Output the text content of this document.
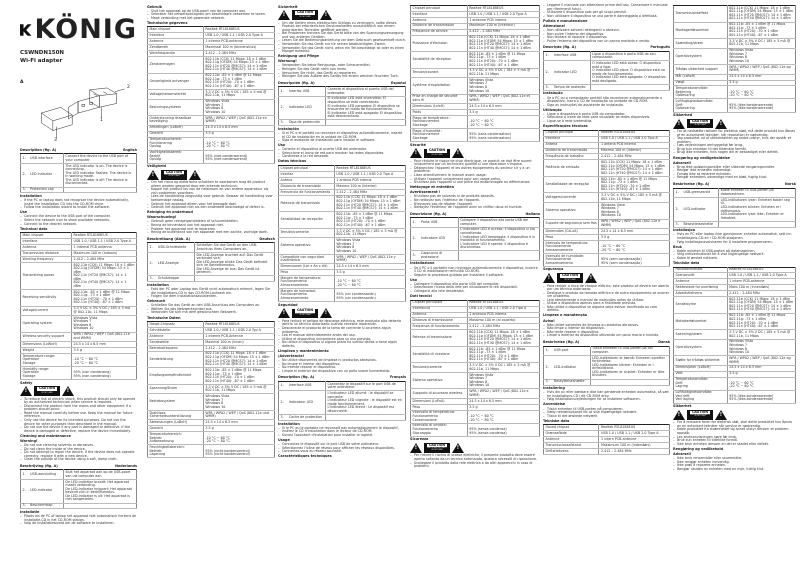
KÖNIG
CSWNDN150N
Wi-Fi adapter
A
1
2
3
Description (fig. A)	English
1.	USB interface	Connect the device to the USB port of your computer.
2.	LED indicator	The LED indicator is on: The device is connecting.
The LED indicator flashes: The device is in working mode.
The LED indicator is off: The device is disconnected.
3.	Protection cap	
Installation
– If the PC or laptop does not recognize the device automatically, insert the installation CD into the CD-ROM drive.
– Follow the installation wizard to install the software.
Use
– Connect the device to the USB port of the computer.
– Select the network icon to show available networks.
– Connect to the desired network.
Technical data
Main chipset	Realtek RTL8188EUS
Interface	USB 1.0 / USB 1.1 / USB 2.0 Type A
Antenna	1 internal PCB antenna
Transmission distance	Maximum 100 m (indoors)
Working frequency	2.412 – 2.484 MHz
Transmitting power	802.11b (CCK) 11 Mbps: 18 ± 1 dBm
802.11g (OFDM) 54 Mbps: 15 ± 1 dBm
802.11n (HT20 @MCS7): 14 ± 1 dBm
802.11n (HT40 @MCS7): 14 ± 1 dBm
Receiving sensitivity	802.11b: -85 ± 1 dBm @ 11 Mbps
802.11g: -73 ± 1 dBm
802.11n (HT20): -70 ± 1 dBm
802.11n (HT40): -67 ± 1 dBm
Voltage/current	3.3 V DC ± 5% V DC / 185 ± 5 mA @ 802.11b, 11 Mbps
Operating system	Windows Vista
Windows 7
Windows 8
Windows 10
Wireless security support	WPA / WPA2 / WEP / QoS (802.11e and WMM)
Dimensions (LxWxH)	24.5 x 14 x 6.5 mm
Weight	3.5 g
Temperature range:
Operation
Storage	
-10 °C ~ 60 °C
-20 °C ~ 80 °C
Humidity range:
Operation
Storage	
95% (non condensing)
95% (non condensing)
Safety
!	CAUTION
RISK OF ELECTRIC SHOCK
DO NOT OPEN	!
– To reduce risk of electric shock, this product should only be opened by an authorized technician when service is required.
– Disconnect the product from the mains and other equipment if a problem should occur.
– Read the manual carefully before use. Keep the manual for future reference.
– Only use the device for its intended purposes. Do not use the device for other purposes than described in the manual.
– Do not use the device if any part is damaged or defective. If the device is damaged or defective, replace the device immediately.
Cleaning and maintenance
Warning!
– Do not use cleaning solvents or abrasives.
– Do not clean the inside of the device.
– Do not attempt to repair the device. If the device does not operate correctly, replace it with a new device.
– Clean the outside of the device using a soft, damp cloth.
Beschrijving (fig. A)	Nederlands
1.	USB-aansluiting	Sluit het apparaat aan op de USB-poort van uw computer aan.
2.	LED-indicator	De LED-indicator brandt: Het apparaat maakt verbinding.
De LED-indicator knippert: Het apparaat bevindt zich in bedrijfsmodus.
De LED-indicator is uit: Het apparaat is niet aangesloten.
3.	Beschermkap	
Installatie
– Plaats als de PC of laptop het apparaat niet automatisch herkent de installatie-CD in het CD-ROM station.
– Volg de installatiewizard om de software te installeren.
Gebruik
– Sluit het apparaat op de USB-poort van de computer aan.
– Selecteer het netwerkpictogram om beschikbare netwerken te tonen.
– Maak verbinding met het gewenste netwerk.
Technische gegevens
Main chipset	Realtek RTL8188EUS
Interface	USB 1.0 / USB 1.1 / USB 2.0 Type A
Antenne	1 interne PCB-antenne
Zendbereik	Maximaal 100 m (binnenshuis)
Werkfrequentie	2.412 – 2.484 MHz
Zendvermogen	802.11b (CCK) 11 Mbps: 18 ± 1 dBm
802.11g (OFDM) 54 Mbps: 15 ± 1 dBm
802.11n (HT20 @MCS7): 14 ± 1 dBm
802.11n (HT40 @MCS7): 14 ± 1 dBm
Gevoeligheid ontvanger	802.11b: -85 ± 1 dBm @ 11 Mbps
802.11g: -73 ± 1 dBm
802.11n (HT20): -70 ± 1 dBm
802.11n (HT40): -67 ± 1 dBm
Voltage/stroomsterkte	3.3 V DC ± 5% V DC / 185 ± 5 mA @ 802.11b, 11 Mbps
Besturingssysteem	Windows Vista
Windows 7
Windows 8
Windows 10
Ondersteuning draadloze beveiliging	WPA / WPA2 / WEP / QoS (802.11e en WMM)
Afmetingen (LxBxH)	24.5 x 14 x 6.5 mm
Gewicht	3.5 g
Temperatuurbereik:
Functionering
Opslag	
-10 °C ~ 60 °C
-20 °C ~ 80 °C
Vochtigheidsbereik:
Bedrijf
Opslag	
95% (niet condenserend)
95% (niet condenserend)
Veiligheid
!	CAUTION
RISK OF ELECTRIC SHOCK
DO NOT OPEN	!
– Om het risico op elektrische schokken te voorkomen mag dit product alleen worden geopend door een erkende technicus.
– Koppel het product los van de netstroom en van andere apparatuur als zich problemen voordoen.
– Lees de handleiding zorgvuldig voor gebruik. Bewaar de handleiding voor toekomstige naslag.
– Gebruik het apparaat alleen voor het beoogde doel.
– Gebruik het apparaat niet als een onderdeel beschadigd of defect is.
Reiniging en onderhoud
Waarschuwing!
– Gebruik geen reinigingsmiddelen of schuurmiddelen.
– Reinig de binnenkant van het apparaat niet.
– Probeer het apparaat niet te repareren.
– Reinig de buitenkant van het apparaat met een zachte, vochtige doek.
Beschreibung (Abb. A)	Deutsch
1.	USB-Schnittstelle	Schließen Sie das Gerät an den USB-Anschluss Ihres Computers an.
2.	LED-Anzeige	Die LED-Anzeige leuchtet auf: Das Gerät verbindet sich.
Die LED-Anzeige blinkt: Das Gerät befindet sich im Betriebsmodus.
Die LED-Anzeige ist aus: Das Gerät ist getrennt.
3.	Schutzkappe	
Installation
– Falls der PC oder Laptop das Gerät nicht automatisch erkennt, legen Sie die Installations-CD in das CD-ROM-Laufwerk ein.
– Folgen Sie dem Installationsassistenten.
Gebrauch
– Schließen Sie das Gerät an den USB-Anschluss des Computers an.
– Wählen Sie das Netzwerksymbol aus.
– Verbinden Sie sich mit dem gewünschten Netzwerk.
Technische Daten
Haupt-Chipsatz	Realtek RTL8188EUS
Schnittstelle	USB 1.0 / USB 1.1 / USB 2.0 Typ A
Antenne	1 interne PCB-Antenne
Sendeweite	Maximal 100 m (innen)
Betriebsfrequenz	2.412 – 2.484 MHz
Sendeleistung	802.11b (CCK) 11 Mbps: 18 ± 1 dBm
802.11g (OFDM) 54 Mbps: 15 ± 1 dBm
802.11n (HT20 @MCS7): 14 ± 1 dBm
802.11n (HT40 @MCS7): 14 ± 1 dBm
Empfangsempfindlichkeit	802.11b: -85 ± 1 dBm @ 11 Mbps
802.11g: -73 ± 1 dBm
802.11n (HT20): -70 ± 1 dBm
802.11n (HT40): -67 ± 1 dBm
Spannung/Strom	3.3 V DC ± 5% V DC / 185 ± 5 mA @ 802.11b, 11 Mbps
Betriebssystem	Windows Vista
Windows 7
Windows 8
Windows 10
Drahtlose Sicherheitsunterstützung	WPA / WPA2 / WEP / QoS (802.11e und WMM)
Abmessungen (LxBxH)	24.5 x 14 x 6.5 mm
Gewicht	3.5 g
Temperaturbereich:
Betrieb
Aufbewahrung	
-10 °C ~ 60 °C
-20 °C ~ 80 °C
Feuchtigkeitsbereich:
Betrieb
Lagerung	
95% (nicht kondensierend)
95% (nicht kondensierend)
Sicherheit
!	CAUTION
RISK OF ELECTRIC SHOCK
DO NOT OPEN	!
– Um die Gefahr eines elektrischen Schlags zu verringern, sollte dieses Produkt bei erforderlichen Servicearbeiten ausschließlich von einem autorisierten Techniker geöffnet werden.
– Bei Problemen trennen Sie das Gerät bitte von der Spannungsversorgung und von anderen Geräten.
– Lesen Sie die Bedienungsanleitung vor dem Gebrauch gewissenhaft durch.
– Verwenden Sie das Gerät nur für seinen beabsichtigten Zweck.
– Verwenden Sie das Gerät nicht, wenn ein Teil beschädigt ist oder es einen Mangel aufweist.
Reinigung und Pflege
Warnung!
– Verwenden Sie keine Reinigungs- oder Scheuermittel.
– Reinigen Sie das Gerät nicht von innen.
– Versuchen Sie nicht, das Gerät zu reparieren.
– Reinigen Sie das Äußere des Geräts mit einem weichen feuchten Tuch.
Descripción (fig. A)	Español
1.	Interfaz USB	Conecte el dispositivo al puerto USB del ordenador.
2.	Indicador LED	El indicador LED está encendido: El dispositivo se está conectando.
El indicador LED parpadea: El dispositivo se encuentra en modo de funcionamiento.
El indicador LED está apagado: El dispositivo está desconectado.
3.	Tapa de protección	
Instalación
– Si el PC o el portátil no reconoce el dispositivo automáticamente, inserte el CD de instalación en la unidad de CD-ROM.
– Siga el asistente de instalación para instalar el software.
Uso
– Conecte el dispositivo al puerto USB del ordenador.
– Seleccione el icono de red para mostrar las redes disponibles.
– Conéctese a la red deseada.
Datos técnicos
Chipset principal	Realtek RTL8188EUS
Interfaz	USB 1.0 / USB 1.1 / USB 2.0 Tipo A
Antena	1 antena PCB interna
Distancia de transmisión	Máximo 100 m (interior)
Frecuencia de funcionamiento	2.412 – 2.484 MHz
Potencia de transmisión	802.11b (CCK) 11 Mbps: 18 ± 1 dBm
802.11g (OFDM) 54 Mbps: 15 ± 1 dBm
802.11n (HT20 @MCS7): 14 ± 1 dBm
802.11n (HT40 @MCS7): 14 ± 1 dBm
Sensibilidad de recepción	802.11b: -85 ± 1 dBm @ 11 Mbps
802.11g: -73 ± 1 dBm
802.11n (HT20): -70 ± 1 dBm
802.11n (HT40): -67 ± 1 dBm
Tensión/corriente	3.3 V DC ± 5% V DC / 185 ± 5 mA @ 802.11b, 11 Mbps
Sistema operativo	Windows Vista
Windows 7
Windows 8
Windows 10
Compatible con seguridad inalámbrica	WPA / WPA2 / WEP / QoS (802.11e y WMM)
Dimensiones (Lar x An x Alt)	24.5 x 14 x 6.5 mm
Peso	3.5 g
Margen de temperatura:
Funcionamiento
Almacenamiento	
-10 °C ~ 60 °C
-20 °C ~ 80 °C
Margen de humedad:
Funcionamiento
Almacenamiento	
95% (sin condensación)
95% (sin condensación)
Seguridad
!	CAUTION
RISK OF ELECTRIC SHOCK
DO NOT OPEN	!
– Para reducir el peligro de descarga eléctrica, este producto sólo debería abrirlo un técnico autorizado cuando necesite reparación.
– Desconecte el producto de la toma de corriente si ocurriera algún problema.
– Lea el manual detenidamente antes del uso.
– Utilice el dispositivo únicamente para su uso previsto.
– No utilice el dispositivo si alguna pieza ha sufrido daños o tiene algún defecto.
Limpieza y mantenimiento
¡Advertencia!
– No utilice disolventes de limpieza ni productos abrasivos.
– No limpie el interior del dispositivo.
– No intente reparar el dispositivo.
– Limpie el exterior del dispositivo con un paño suave humedecido.
Description (fig. A)	Français
1.	Interface USB	Connectez le dispositif sur le port USB de votre ordinateur.
2.	Indicateur LED	L'indicateur LED allumé : le dispositif se connecte.
L'indicateur LED clignote : le dispositif est en mode fonctionnement.
L'indicateur LED éteint : Le dispositif est déconnecté.
3.	Cache de protection	
Installation
– Si le PC ou le portable ne reconnaît pas automatiquement le dispositif, insérez le CD d'installation dans le lecteur de CD-ROM.
– Suivez l'assistant d'installation pour installer le logiciel.
Usage
– Connectez le dispositif sur le port USB de votre ordinateur.
– Sélectionnez l'icône de réseau pour afficher les réseaux disponibles.
– Connectez-vous au réseau souhaité.
Caractéristiques techniques
Chipset principal	Realtek RTL8188EUS
Interface	USB 1.0 / USB 1.1 / USB 2.0 Type A
Antenne	1 antenne PCB interne
Distance de transmission	Maximum 100 m (intérieur)
Fréquence de service	2.412 – 2.484 MHz
Puissance d'émission	802.11b (CCK) 11 Mbps: 18 ± 1 dBm
802.11g (OFDM) 54 Mbps: 15 ± 1 dBm
802.11n (HT20 @MCS7): 14 ± 1 dBm
802.11n (HT40 @MCS7): 14 ± 1 dBm
Sensibilité de réception	802.11b: -85 ± 1 dBm @ 11 Mbps
802.11g: -73 ± 1 dBm
802.11n (HT20): -70 ± 1 dBm
802.11n (HT40): -67 ± 1 dBm
Tension/courant	3.3 V DC ± 5% V DC / 185 ± 5 mA @ 802.11b, 11 Mbps
Système d'exploitation	Windows Vista
Windows 7
Windows 8
Windows 10
Prise en charge de sécurité sans fil	WPA / WPA2 / WEP / QoS (802.11e et WMM)
Dimensions (LxlxH)	24.5 x 14 x 6.5 mm
Poids	3.5 g
Plage de température :
Fonctionnement
Stockage	
-10 °C ~ 60 °C
-20 °C ~ 80 °C
Plage d'humidité :
Fonctionnement
Stockage	
95% (sans condensation)
95% (sans condensation)
Sécurité
!	CAUTION
RISK OF ELECTRIC SHOCK
DO NOT OPEN	!
– Pour réduire le risque de choc électrique, ce produit ne doit être ouvert uniquement par un technicien qualifié si une réparation s'impose.
– Débranchez l'appareil et les autres équipements du secteur s'il y a un problème.
– Lisez attentivement le manuel avant usage.
– Utilisez l'appareil uniquement pour son usage prévu.
– N'utilisez pas l'appareil si une pièce est endommagée ou défectueuse.
Nettoyage et entretien
Avertissement !
– N'utilisez pas de solvants ni de produits abrasifs.
– Ne nettoyez pas l'intérieur de l'appareil.
– N'essayez pas de réparer l'appareil.
– Nettoyez l'extérieur de l'appareil avec un chiffon doux et humide.
Descrizione (fig. A)	Italiano
1.	Porta USB	Collegare il dispositivo alla porta USB del computer.
2.	Indicatore LED	L'indicatore LED è acceso: il dispositivo si sta connettendo.
L'indicatore LED lampeggia: il dispositivo è in modalità di funzionamento.
L'indicatore LED è spento: il dispositivo è disconnesso.
3.	Cappuccio di protezione	
Installazione
– Se il PC o il portatile non riconosce automaticamente il dispositivo, inserire il CD di installazione nell'unità CD-ROM.
– Seguire la procedura guidata per installare il software.
Uso
– Collegare il dispositivo alla porta USB del computer.
– Selezionare l'icona della rete per visualizzare le reti disponibili.
– Collegarsi alla rete desiderata.
Dati tecnici
Chipset principale	Realtek RTL8188EUS
Interfaccia	USB 1.0 / USB 1.1 / USB 2.0 Tipo A
Antenna	1 antenna PCB interna
Distanza di trasmissione	Massimo 100 m (al coperto)
Frequenza di funzionamento	2.412 – 2.484 MHz
Potenza di trasmissione	802.11b (CCK) 11 Mbps: 18 ± 1 dBm
802.11g (OFDM) 54 Mbps: 15 ± 1 dBm
802.11n (HT20 @MCS7): 14 ± 1 dBm
802.11n (HT40 @MCS7): 14 ± 1 dBm
Sensibilità di ricezione	802.11b: -85 ± 1 dBm @ 11 Mbps
802.11g: -73 ± 1 dBm
802.11n (HT20): -70 ± 1 dBm
802.11n (HT40): -67 ± 1 dBm
Tensione/corrente	3.3 V DC ± 5% V DC / 185 ± 5 mA @ 802.11b, 11 Mbps
Sistema operativo	Windows Vista
Windows 7
Windows 8
Windows 10
Supporto di sicurezza wireless	WPA / WPA2 / WEP / QoS (802.11e e WMM)
Dimensioni (LxPxA)	24.5 x 14 x 6.5 mm
Peso	3.5 g
Intervallo di temperatura:
Funzionamento
Conservazione	
-10 °C ~ 60 °C
-20 °C ~ 80 °C
Intervallo di umidità:
Funzionamento
Stoccaggio	
95% (senza condensa)
95% (senza condensa)
Sicurezza
!	CAUTION
RISK OF ELECTRIC SHOCK
DO NOT OPEN	!
– Per ridurre il rischio di scosse elettriche, il presente prodotto deve essere aperto soltanto da un tecnico autorizzato, qualora necessiti di riparazione.
– Scollegare il prodotto dalla rete elettrica e da altri apparecchi in caso di problemi.
– Leggere il manuale con attenzione prima dell'uso. Conservare il manuale per riferimenti futuri.
– Utilizzare il dispositivo solo per gli scopi previsti.
– Non utilizzare il dispositivo se una parte è danneggiata o difettosa.
Pulizia e manutenzione
Attenzione!
– Non utilizzare solventi detergenti o abrasivi.
– Non pulire l'interno del dispositivo.
– Non tentare di riparare il dispositivo.
– Pulire l'esterno del dispositivo con un panno morbido e umido.
Descrição (fig. A)	Português
1.	Interface USB	Ligue o dispositivo à porta USB do seu computador.
2.	Indicador LED	O indicador LED está aceso: O dispositivo está a ligar.
O indicador LED pisca: O dispositivo está no modo de funcionamento.
O indicador LED está apagado: O dispositivo está desligado.
3.	Tampa de proteção	
Instalação
– Se o PC ou o computador portátil não reconhecer automaticamente o dispositivo, insira o CD de instalação na unidade de CD-ROM.
– Siga as instruções do assistente de instalação.
Utilização
– Ligue o dispositivo à porta USB do computador.
– Selecione o ícone de rede para visualizar as redes disponíveis.
– Ligue-se à rede pretendida.
Especificações técnicas
Chipset principal	Realtek RTL8188EUS
Interface	USB 1.0 / USB 1.1 / USB 2.0 Tipo A
Antena	1 antena PCB interna
Distância de transmissão	Máximo 100 m (interior)
Frequência de trabalho	2.412 – 2.484 MHz
Potência de emissão	802.11b (CCK) 11 Mbps: 18 ± 1 dBm
802.11g (OFDM) 54 Mbps: 15 ± 1 dBm
802.11n (HT20 @MCS7): 14 ± 1 dBm
802.11n (HT40 @MCS7): 14 ± 1 dBm
Sensibilidade de recepção	802.11b: -85 ± 1 dBm @ 11 Mbps
802.11g: -73 ± 1 dBm
802.11n (HT20): -70 ± 1 dBm
802.11n (HT40): -67 ± 1 dBm
Voltagem/corrente	3.3 V DC ± 5% V DC / 185 ± 5 mA @ 802.11b, 11 Mbps
Sistema operativo	Windows Vista
Windows 7
Windows 8
Windows 10
Suporte de segurança sem fios	WPA / WPA2 / WEP / QoS (802.11e e WMM)
Dimensões (CxLxA)	24.5 x 14 x 6.5 mm
Peso	3.5 g
Intervalo de temperatura:
Funcionamento
Armazenamento	
-10 °C ~ 60 °C
-20 °C ~ 80 °C
Intervalo de humidade:
Funcionamento
Armazenamento	
95% (sem condensação)
95% (sem condensação)
Segurança
!	CAUTION
RISK OF ELECTRIC SHOCK
DO NOT OPEN	!
– Para reduzir o risco de choque elétrico, este produto só deverá ser aberto por um técnico autorizado.
– Desligue o produto da tomada elétrica e de outro equipamento se ocorrer um problema.
– Leia atentamente o manual de instruções antes de utilizar.
– Utilize o dispositivo apenas para a finalidade prevista.
– Não utilize o dispositivo se alguma peça estiver danificada ou com defeito.
Limpeza e manutenção
Aviso!
– Não utilize solventes de limpeza ou produtos abrasivos.
– Não limpe o interior do dispositivo.
– Não tente reparar o dispositivo.
– Limpe o exterior do dispositivo utilizando um pano macio e húmido.
Beskrivelse (fig. A)	Dansk
1.	USB port	Tilslut enheden til USB-porten på din computer.
2.	LED-indikator	LED-indikatoren er tændt: Enheden opretter forbindelse.
LED-indikatoren blinker: Enheden er i driftstilstand.
LED-indikatoren er slukket: Enheden er ikke tilsluttet.
3.	Beskyttelseshætte	
Installering
– Hvis din pc eller bærbare ikke kan genkende enheden automatisk, så sæt en installations-CD i dit CD-ROM drev.
– Følg installationsvejledningen for at installere softwaren.
Anvendelse
– Tilslut enheden til USB-porten på computeren.
– Vælg netværksikonet for at vise tilgængelige netværk.
– Tilslut til det ønskede netværk.
Tekniske data
Hoved chipset	Realtek RTL8188EUS
Grænseflade	USB 1.0 / USB 1.1 / USB 2.0 Type A
Antenne	1 intern PCB-antenne
Transmissionsafstand	Maksimum 100 m (indendørs)
Driftsfrekvens	2.412 – 2.484 MHz
Transmissionseffekt	802.11b (CCK) 11 Mbps: 18 ± 1 dBm
802.11g (OFDM) 54 Mbps: 15 ± 1 dBm
802.11n (HT20 @MCS7): 14 ± 1 dBm
802.11n (HT40 @MCS7): 14 ± 1 dBm
Modtagerfølsomhed	802.11b: -85 ± 1 dBm @ 11 Mbps
802.11g: -73 ± 1 dBm
802.11n (HT20): -70 ± 1 dBm
802.11n (HT40): -67 ± 1 dBm
Spænding/strøm	3.3 V DC ± 5% V DC / 185 ± 5 mA @ 802.11b, 11 Mbps
Operativsystem	Windows Vista
Windows 7
Windows 8
Windows 10
Trådløs sikkerhed support	WPA / WPA2 / WEP / QoS (802.11e og WMM)
Mål (LxBxH)	24.5 x 14 x 6.5 mm
Vægt	3.5 g
Temperaturområde:
Betjening
Opbevaring	
-10 °C ~ 60 °C
-20 °C ~ 80 °C
Luftfugtighedsområde:
Drift
Opbevaring	
95% (ikke kondenserende)
95% (ikke kondenserende)
Sikkerhed
!	CAUTION
RISK OF ELECTRIC SHOCK
DO NOT OPEN	!
– For at nedsætte risikoen for elektrisk stød, må dette produkt kun åbnes af en autoriseret tekniker, når reparation er nødvendig.
– Tag produktet ud af stikkontakten og andet udstyr, hvis der opstår et problem.
– Læs vejledningen omhyggeligt før brug.
– Brug kun enheden til det tiltænkte formål.
– Brug ikke enheden, hvis nogen del er beskadiget eller defekt.
Rengøring og vedligeholdelse
Advarsel!
– Brug ikke opløsningsmidler eller slibende rengøringsmidler.
– Rengør ikke enheden indvendigt.
– Forsøg ikke at reparere enheden.
– Rengør enhedens udvendige med en blød, fugtig klud.
Beskrivelse (fig. A)	Norsk
1.	USB-grensesnitt	Koble enheten til USB-porten på datamaskinen.
2.	LED-indikator	LED-indikatoren lyser: Enheten kobler seg til.
LED-indikatoren blinker: Enheten er i driftsmodus.
LED-indikatoren lyser ikke: Enheten er frakoblet.
3.	Beskyttelseshette	
Installasjon
– Hvis en PC eller laptop ikke gjenkjenner enheten automatisk, sett inn installasjons-CD-en i CD-ROM-stasjonen.
– Følg installasjonsveiviseren for å installere programvaren.
Bruk
– Koble enheten til USB-porten på datamaskinen.
– Velg nettverksikonet for å vise tilgjengelige nettverk.
– Koble til ønsket nettverk.
Tekniske data
Hovedbrikkesett	Realtek RTL8188EUS
Grensesnitt	USB 1.0 / USB 1.1 / USB 2.0 Type A
Antenne	1 intern PCB-antenne
Rekkevidde for overføring	Maks 100 m (innendørs)
Arbeidsfrekvens	2.412 – 2.484 MHz
Sendestyrke	802.11b (CCK) 11 Mbps: 18 ± 1 dBm
802.11g (OFDM) 54 Mbps: 15 ± 1 dBm
802.11n (HT20 @MCS7): 14 ± 1 dBm
802.11n (HT40 @MCS7): 14 ± 1 dBm
Mottakerfølsomhet	802.11b: -85 ± 1 dBm @ 11 Mbps
802.11g: -73 ± 1 dBm
802.11n (HT20): -70 ± 1 dBm
802.11n (HT40): -67 ± 1 dBm
Spenning/strøm	3.3 V DC ± 5% V DC / 185 ± 5 mA @ 802.11b, 11 Mbps
Operativsystem	Windows Vista
Windows 7
Windows 8
Windows 10
Støtte for trådløs sikkerhet	WPA / WPA2 / WEP / QoS (802.11e og WMM)
Dimensjoner (LxBxH)	24.5 x 14 x 6.5 mm
Vekt	3.5 g
Temperaturområde:
Drift
Lagring	
-10 °C ~ 60 °C
-20 °C ~ 80 °C
Luftfuktighetsområde:
Ved drift
Ved lagring	
95% (ikke-kondenserende)
95% (ikke-kondenserende)
Sikkerhet
!	CAUTION
RISK OF ELECTRIC SHOCK
DO NOT OPEN	!
– For å redusere faren for elektrisk støt, skal dette produktet kun åpnes av en autorisert tekniker når service er nødvendig.
– Koble produktet fra strømnettet og annet utstyr dersom et problem oppstår.
– Les bruksanvisningen nøye før bruk.
– Bruk kun enheten til tiltenkte formål.
– Ikke bruk enheten dersom en del er skadet eller defekt.
Rengjøring og vedlikehold
Advarsel!
– Ikke bruk rensemidler eller skuremidler.
– Ikke rengjør enheten innvendig.
– Ikke prøv å reparere enheten.
– Rengjør utsiden av enheten med en myk, fuktig klut.
